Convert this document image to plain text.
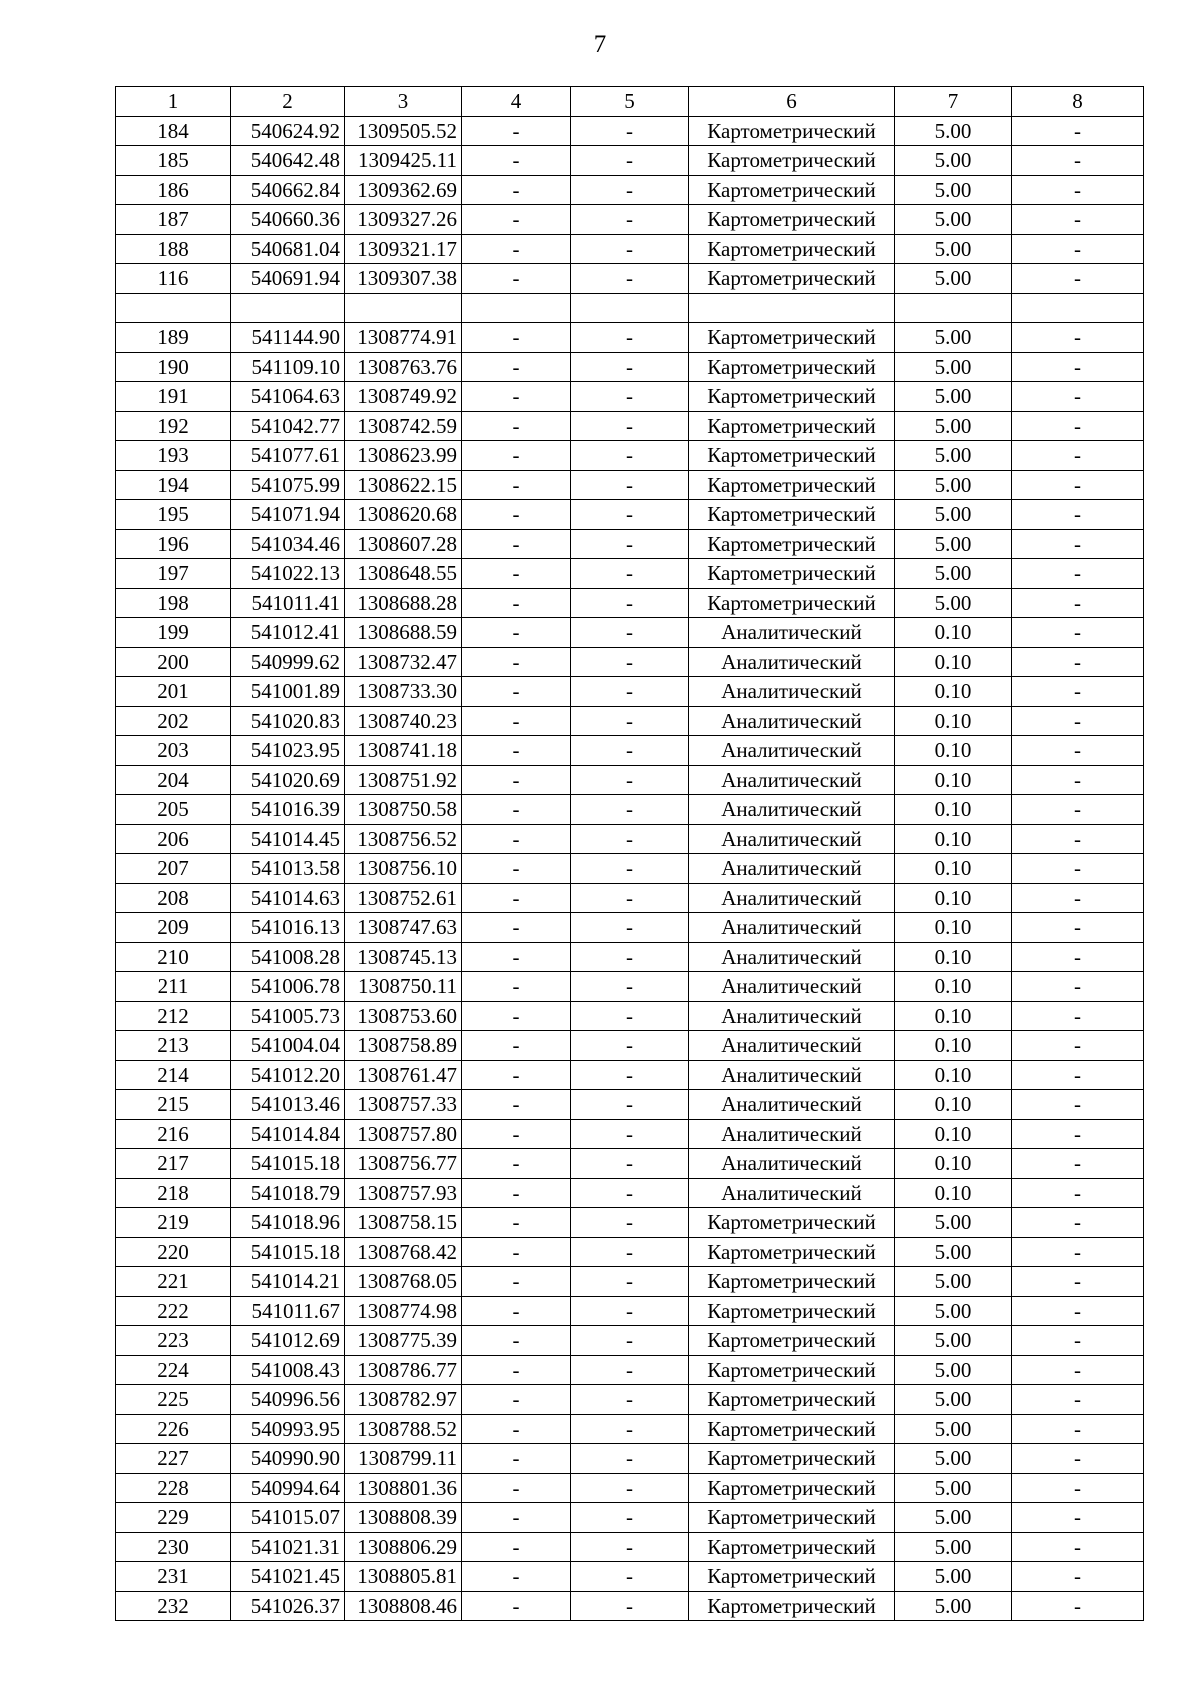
7
1	2	3	4	5	6	7	8
184	540624.92	1309505.52	-	-	Картометрический	5.00	-
185	540642.48	1309425.11	-	-	Картометрический	5.00	-
186	540662.84	1309362.69	-	-	Картометрический	5.00	-
187	540660.36	1309327.26	-	-	Картометрический	5.00	-
188	540681.04	1309321.17	-	-	Картометрический	5.00	-
116	540691.94	1309307.38	-	-	Картометрический	5.00	-

189	541144.90	1308774.91	-	-	Картометрический	5.00	-
190	541109.10	1308763.76	-	-	Картометрический	5.00	-
191	541064.63	1308749.92	-	-	Картометрический	5.00	-
192	541042.77	1308742.59	-	-	Картометрический	5.00	-
193	541077.61	1308623.99	-	-	Картометрический	5.00	-
194	541075.99	1308622.15	-	-	Картометрический	5.00	-
195	541071.94	1308620.68	-	-	Картометрический	5.00	-
196	541034.46	1308607.28	-	-	Картометрический	5.00	-
197	541022.13	1308648.55	-	-	Картометрический	5.00	-
198	541011.41	1308688.28	-	-	Картометрический	5.00	-
199	541012.41	1308688.59	-	-	Аналитический	0.10	-
200	540999.62	1308732.47	-	-	Аналитический	0.10	-
201	541001.89	1308733.30	-	-	Аналитический	0.10	-
202	541020.83	1308740.23	-	-	Аналитический	0.10	-
203	541023.95	1308741.18	-	-	Аналитический	0.10	-
204	541020.69	1308751.92	-	-	Аналитический	0.10	-
205	541016.39	1308750.58	-	-	Аналитический	0.10	-
206	541014.45	1308756.52	-	-	Аналитический	0.10	-
207	541013.58	1308756.10	-	-	Аналитический	0.10	-
208	541014.63	1308752.61	-	-	Аналитический	0.10	-
209	541016.13	1308747.63	-	-	Аналитический	0.10	-
210	541008.28	1308745.13	-	-	Аналитический	0.10	-
211	541006.78	1308750.11	-	-	Аналитический	0.10	-
212	541005.73	1308753.60	-	-	Аналитический	0.10	-
213	541004.04	1308758.89	-	-	Аналитический	0.10	-
214	541012.20	1308761.47	-	-	Аналитический	0.10	-
215	541013.46	1308757.33	-	-	Аналитический	0.10	-
216	541014.84	1308757.80	-	-	Аналитический	0.10	-
217	541015.18	1308756.77	-	-	Аналитический	0.10	-
218	541018.79	1308757.93	-	-	Аналитический	0.10	-
219	541018.96	1308758.15	-	-	Картометрический	5.00	-
220	541015.18	1308768.42	-	-	Картометрический	5.00	-
221	541014.21	1308768.05	-	-	Картометрический	5.00	-
222	541011.67	1308774.98	-	-	Картометрический	5.00	-
223	541012.69	1308775.39	-	-	Картометрический	5.00	-
224	541008.43	1308786.77	-	-	Картометрический	5.00	-
225	540996.56	1308782.97	-	-	Картометрический	5.00	-
226	540993.95	1308788.52	-	-	Картометрический	5.00	-
227	540990.90	1308799.11	-	-	Картометрический	5.00	-
228	540994.64	1308801.36	-	-	Картометрический	5.00	-
229	541015.07	1308808.39	-	-	Картометрический	5.00	-
230	541021.31	1308806.29	-	-	Картометрический	5.00	-
231	541021.45	1308805.81	-	-	Картометрический	5.00	-
232	541026.37	1308808.46	-	-	Картометрический	5.00	-
